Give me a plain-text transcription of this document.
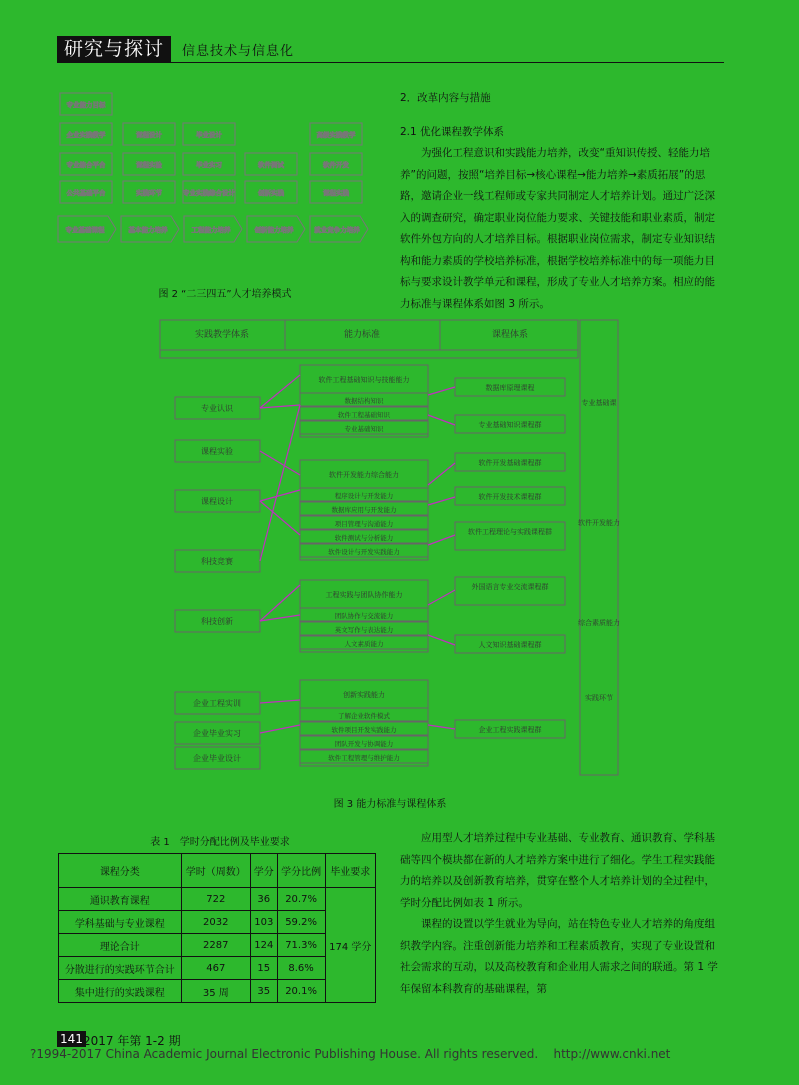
研究与探讨	信息技术与信息化
专业能力目标
企业实践教学	课程设计	毕业设计	高级实践教学
专业综合平台	课程实验	毕业实习	软件测试	软件开发
公共基础平台	实践环节	专业实践综合设计	创新实践	课程实践
专业基础课程	基本能力培养	工程能力培养	创新能力培养	就业竞争力培养
图 2 “二三四五”人才培养模式
2．改革内容与措施
2.1 优化课程教学体系

为强化工程意识和实践能力培养，改变“重知识传授、轻能力培养”的问题，按照“培养目标→核心课程→能力培养→素质拓展”的思路，邀请企业一线工程师或专家共同制定人才培养计划。通过广泛深入的调查研究，确定职业岗位能力要求、关键技能和职业素质，制定软件外包方向的人才培养目标。根据职业岗位需求，制定专业知识结构和能力素质的学校培养标准，根据学校培养标准中的每一项能力目标与要求设计教学单元和课程，形成了专业人才培养方案。相应的能力标准与课程体系如图 3 所示。

实践教学体系	能力标准	课程体系
专业基础课
软件开发能力
综合素质能力
实践环节
专业认识
课程实验
课程设计
科技竞赛
科技创新
企业工程实训
企业毕业实习
企业毕业设计
软件工程基础知识与技能能力
数据结构知识
软件工程基础知识
专业基础知识
软件开发能力综合能力
程序设计与开发能力
数据库应用与开发能力
项目管理与沟通能力
软件测试与分析能力
软件设计与开发实践能力
工程实践与团队协作能力
团队协作与交流能力
英文写作与表达能力
人文素质能力
创新实践能力
了解企业软件模式
软件项目开发实践能力
团队开发与协调能力
软件工程管理与维护能力
数据库原理课程
专业基础知识课程群
软件开发基础课程群
软件开发技术课程群
软件工程理论与实践课程群
外国语言专业交流课程群
人文知识基础课程群
企业工程实践课程群
图 3 能力标准与课程体系
表 1　学时分配比例及毕业要求
课程分类	学时（周数）	学分	学分比例	毕业要求
通识教育课程	722	36	20.7%	174 学分
学科基础与专业课程	2032	103	59.2%	
理论合计	2287	124	71.3%	
分散进行的实践环节合计	467	15	8.6%	
集中进行的实践课程	35 周	35	20.1%	

应用型人才培养过程中专业基础、专业教育、通识教育、学科基础等四个模块都在新的人才培养方案中进行了细化。学生工程实践能力的培养以及创新教育培养，贯穿在整个人才培养计划的全过程中，学时分配比例如表 1 所示。

课程的设置以学生就业为导向，站在特色专业人才培养的角度组织教学内容。注重创新能力培养和工程素质教育，实现了专业设置和社会需求的互动，以及高校教育和企业用人需求之间的联通。第 1 学年保留本科教育的基础课程，第

141 2017 年第 1-2 期
?1994-2017 China Academic Journal Electronic Publishing House. All rights reserved.    http://www.cnki.net
